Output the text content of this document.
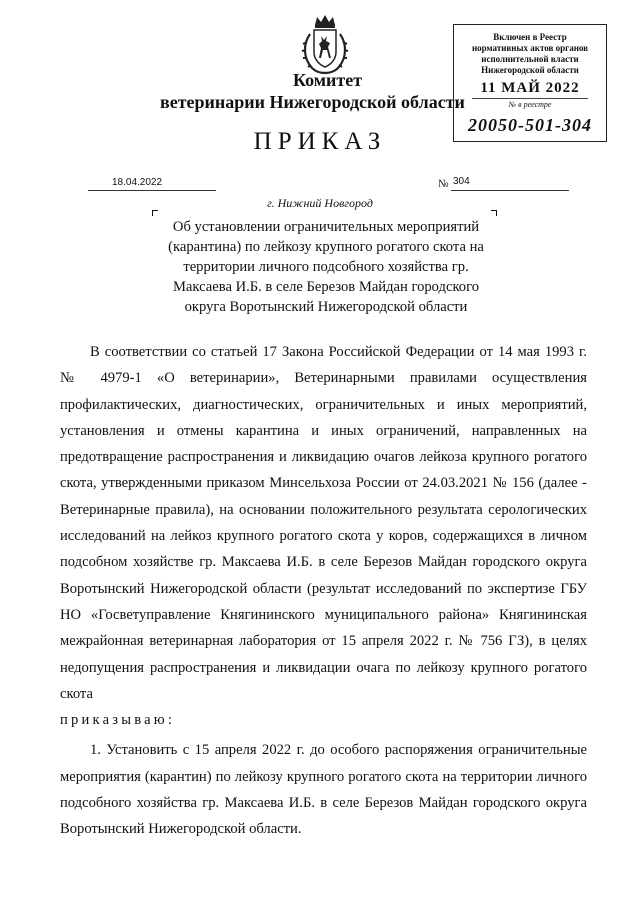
Комитет
ветеринарии Нижегородской области
ПРИКАЗ
Включен в Реестр
нормативных актов органов
исполнительной власти
Нижегородской области
11 МАЙ 2022
№ в реестре
20050-501-304
18.04.2022	№ 304
г. Нижний Новгород
Об установлении ограничительных мероприятий (карантина) по лейкозу крупного рогатого скота на территории личного подсобного хозяйства гр. Максаева И.Б. в селе Березов Майдан городского округа Воротынский Нижегородской области

В соответствии со статьей 17 Закона Российской Федерации от 14 мая 1993 г. № 4979-1 «О ветеринарии», Ветеринарными правилами осуществления профилактических, диагностических, ограничительных и иных мероприятий, установления и отмены карантина и иных ограничений, направленных на предотвращение распространения и ликвидацию очагов лейкоза крупного рогатого скота, утвержденными приказом Минсельхоза России от 24.03.2021 № 156 (далее - Ветеринарные правила), на основании положительного результата серологических исследований на лейкоз крупного рогатого скота у коров, содержащихся в личном подсобном хозяйстве гр. Максаева И.Б. в селе Березов Майдан городского округа Воротынский Нижегородской области (результат исследований по экспертизе ГБУ НО «Госветуправление Княгининского муниципального района» Княгининская межрайонная ветеринарная лаборатория от 15 апреля 2022 г. № 756 ГЗ), в целях недопущения распространения и ликвидации очага по лейкозу крупного рогатого скота

приказываю:

1. Установить с 15 апреля 2022 г. до особого распоряжения ограничительные мероприятия (карантин) по лейкозу крупного рогатого скота на территории личного подсобного хозяйства гр. Максаева И.Б. в селе Березов Майдан городского округа Воротынский Нижегородской области.
